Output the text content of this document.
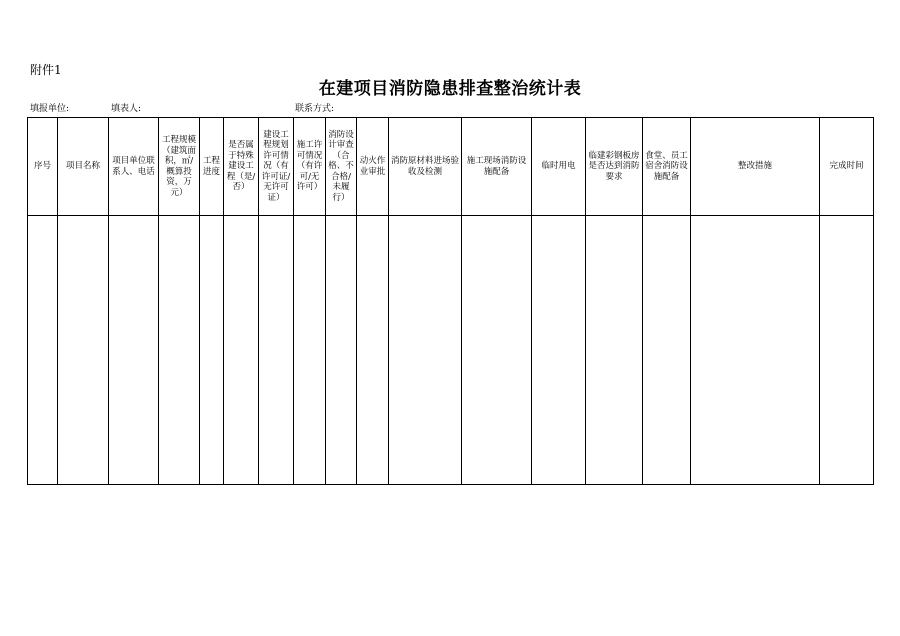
附件1
在建项目消防隐患排查整治统计表
填报单位:	填表人:	联系方式:
序号	项目名称	项目单位联系人、电话	工程规模（建筑面积，㎡/概算投资，万元）	工程进度	是否属于特殊建设工程（是/否）	建设工程规划许可情况（有许可证/无许可证）	施工许可情况（有许可/无许可）	消防设计审查（合格、不合格/未履行）	动火作业审批	消防原材料进场验收及检测	施工现场消防设施配备	临时用电	临建彩钢板房是否达到消防要求	食堂、员工宿舍消防设施配备	整改措施	完成时间
